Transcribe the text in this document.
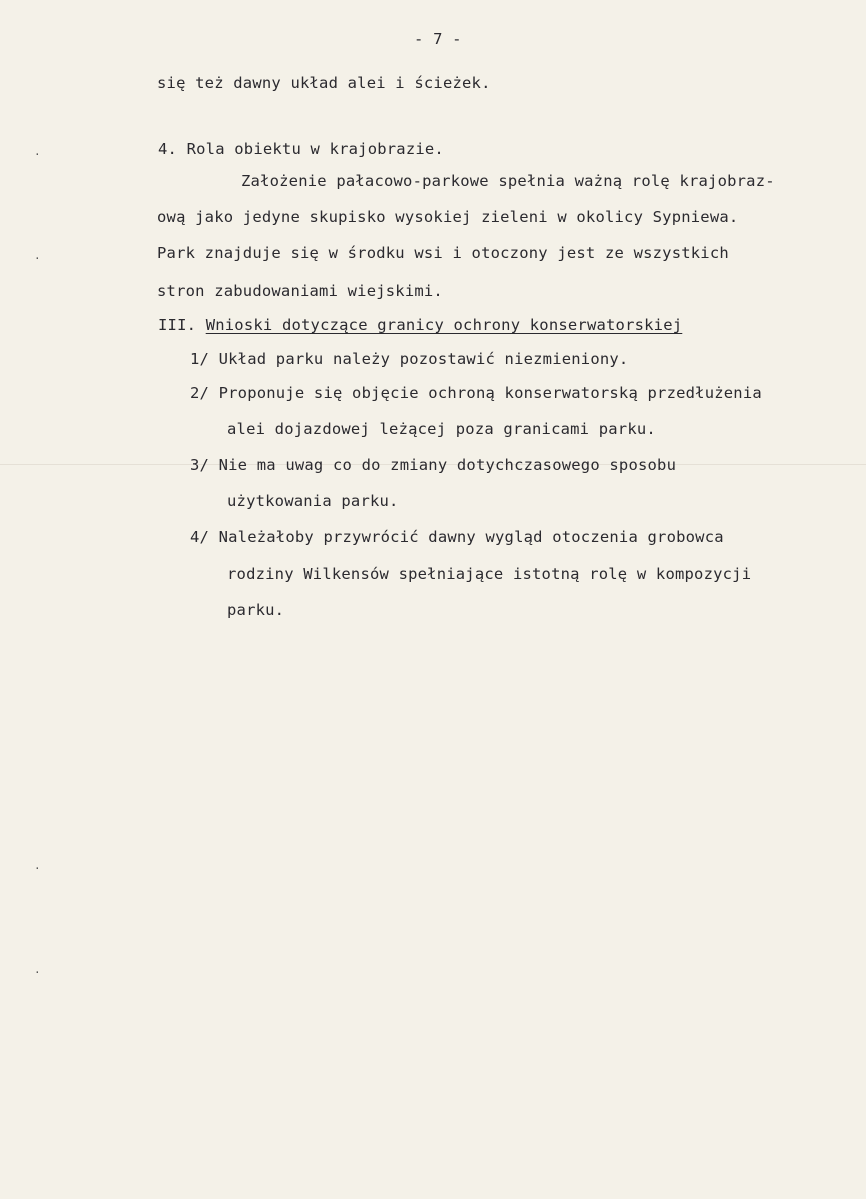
- 7 -
się też dawny układ alei i ścieżek.
4. Rola obiektu w krajobrazie.
Założenie pałacowo-parkowe spełnia ważną rolę krajobraz-
ową jako jedyne skupisko wysokiej zieleni w okolicy Sypniewa.
Park znajduje się w środku wsi i otoczony jest ze wszystkich
stron zabudowaniami wiejskimi.
III. Wnioski dotyczące granicy ochrony konserwatorskiej
1/ Układ parku należy pozostawić niezmieniony.
2/ Proponuje się objęcie ochroną konserwatorską przedłużenia
alei dojazdowej leżącej poza granicami parku.
3/ Nie ma uwag co do zmiany dotychczasowego sposobu
użytkowania parku.
4/ Należałoby przywrócić dawny wygląd otoczenia grobowca
rodziny Wilkensów spełniające istotną rolę w kompozycji
parku.
⋅
⋅
⋅
⋅
